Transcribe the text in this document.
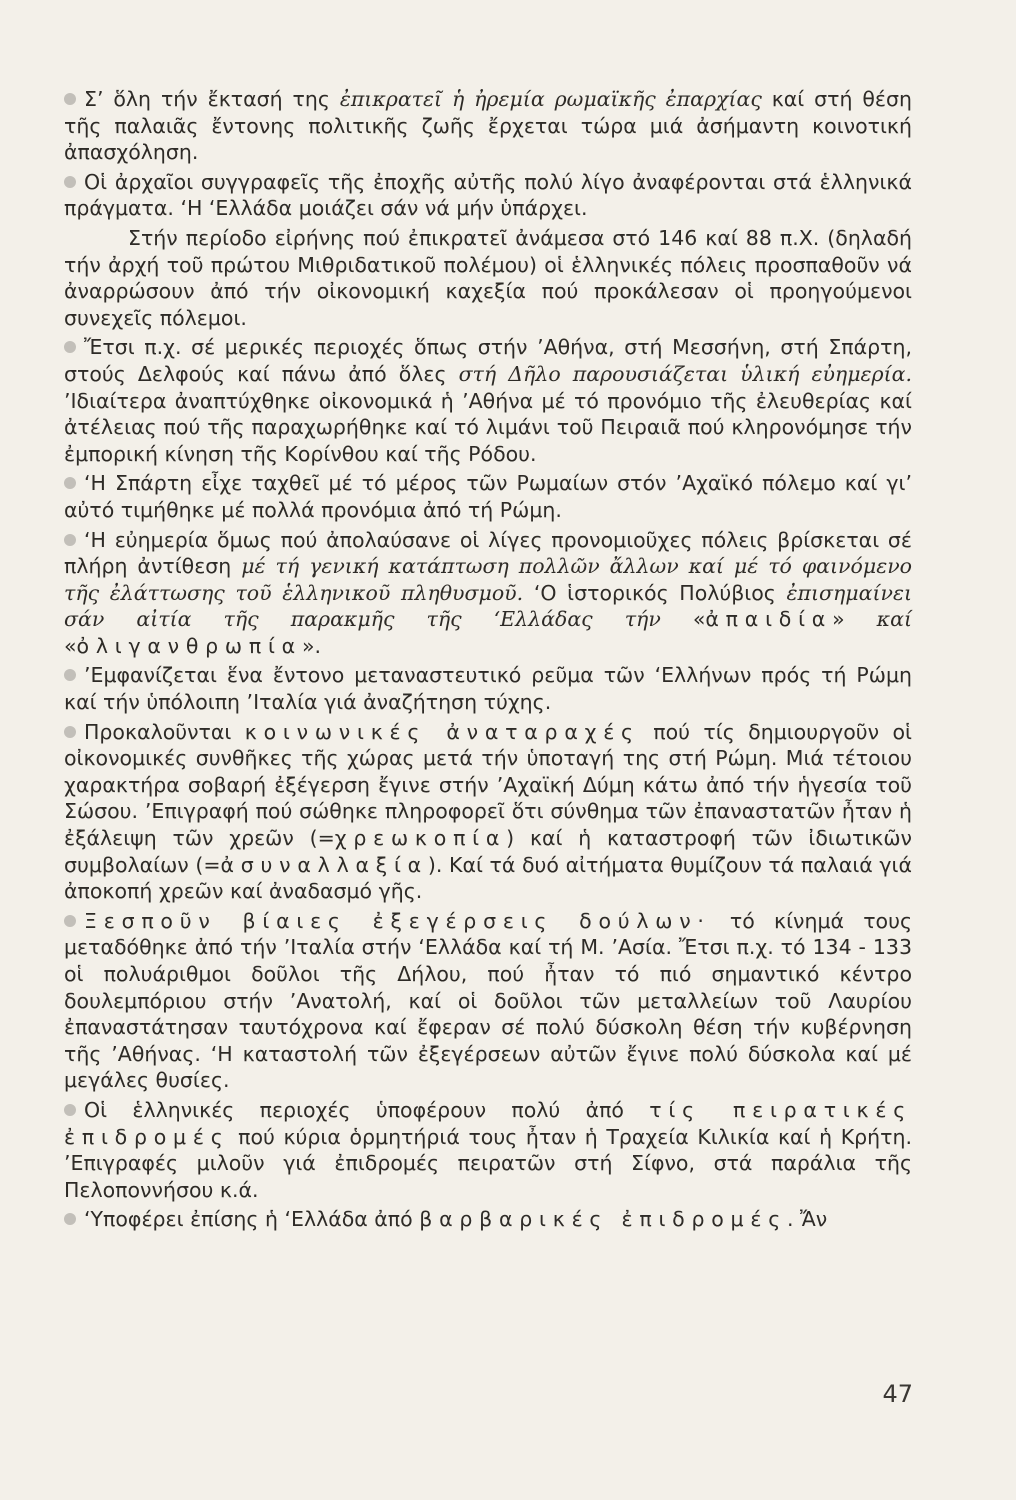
Σ’ ὅλη τήν ἔκτασή της ἐπικρατεῖ ἡ ἠρεμία ρωμαϊκῆς ἐπαρχίας καί στή θέση τῆς παλαιᾶς ἔντονης πολιτικῆς ζωῆς ἔρχεται τώρα μιά ἀσήμαντη κοινοτική ἀπασχόληση.

Οἱ ἀρχαῖοι συγγραφεῖς τῆς ἐποχῆς αὐτῆς πολύ λίγο ἀναφέρονται στά ἑλληνικά πράγματα. ‘Η ‘Ελλάδα μοιάζει σάν νά μήν ὑπάρχει.

Στήν περίοδο εἰρήνης πού ἐπικρατεῖ ἀνάμεσα στό 146 καί 88 π.Χ. (δηλαδή τήν ἀρχή τοῦ πρώτου Μιθριδατικοῦ πολέμου) οἱ ἑλληνικές πόλεις προσπαθοῦν νά ἀναρρώσουν ἀπό τήν οἰκονομική καχεξία πού προκάλεσαν οἱ προηγούμενοι συνεχεῖς πόλεμοι.

Ἔτσι π.χ. σέ μερικές περιοχές ὅπως στήν ’Αθήνα, στή Μεσσήνη, στή Σπάρτη, στούς Δελφούς καί πάνω ἀπό ὅλες στή Δῆλο παρουσιάζεται ὑλική εὐημερία. ’Ιδιαίτερα ἀναπτύχθηκε οἰκονομικά ἡ ’Αθήνα μέ τό προνόμιο τῆς ἐλευθερίας καί ἀτέλειας πού τῆς παραχωρήθηκε καί τό λιμάνι τοῦ Πειραιᾶ πού κληρονόμησε τήν ἐμπορική κίνηση τῆς Κορίνθου καί τῆς Ρόδου.

‘Η Σπάρτη εἶχε ταχθεῖ μέ τό μέρος τῶν Ρωμαίων στόν ’Αχαϊκό πόλεμο καί γι’ αὐτό τιμήθηκε μέ πολλά προνόμια ἀπό τή Ρώμη.

‘Η εὐημερία ὅμως πού ἀπολαύσανε οἱ λίγες προνομιοῦχες πόλεις βρίσκεται σέ πλήρη ἀντίθεση μέ τή γενική κατάπτωση πολλῶν ἄλλων καί μέ τό φαινόμενο τῆς ἐλάττωσης τοῦ ἑλληνικοῦ πληθυσμοῦ. ‘Ο ἱστορικός Πολύβιος ἐπισημαίνει σάν αἰτία τῆς παρακμῆς τῆς ‘Ελλάδας τήν «ἀπαιδία» καί «ὀλιγανθρωπία».

’Εμφανίζεται ἕνα ἔντονο μεταναστευτικό ρεῦμα τῶν ‘Ελλήνων πρός τή Ρώμη καί τήν ὑπόλοιπη ’Ιταλία γιά ἀναζήτηση τύχης.

Προκαλοῦνται κοινωνικές ἀναταραχές πού τίς δημιουργοῦν οἱ οἰκονομικές συνθῆκες τῆς χώρας μετά τήν ὑποταγή της στή Ρώμη. Μιά τέτοιου χαρακτήρα σοβαρή ἐξέγερση ἔγινε στήν ’Αχαϊκή Δύμη κάτω ἀπό τήν ἡγεσία τοῦ Σώσου. ’Επιγραφή πού σώθηκε πληροφορεῖ ὅτι σύνθημα τῶν ἐπαναστατῶν ἦταν ἡ ἐξάλειψη τῶν χρεῶν (=χρεωκοπία) καί ἡ καταστροφή τῶν ἰδιωτικῶν συμβολαίων (=ἀσυναλλαξία). Καί τά δυό αἰτήματα θυμίζουν τά παλαιά γιά ἀποκοπή χρεῶν καί ἀναδασμό γῆς.

Ξεσποῦν βίαιες ἐξεγέρσεις δούλων· τό κίνημά τους μεταδόθηκε ἀπό τήν ’Ιταλία στήν ‘Ελλάδα καί τή Μ. ’Ασία. Ἔτσι π.χ. τό 134 - 133 οἱ πολυάριθμοι δοῦλοι τῆς Δήλου, πού ἦταν τό πιό σημαντικό κέντρο δουλεμπόριου στήν ’Ανατολή, καί οἱ δοῦλοι τῶν μεταλλείων τοῦ Λαυρίου ἐπαναστάτησαν ταυτόχρονα καί ἔφεραν σέ πολύ δύσκολη θέση τήν κυβέρνηση τῆς ’Αθήνας. ‘Η καταστολή τῶν ἐξεγέρσεων αὐτῶν ἔγινε πολύ δύσκολα καί μέ μεγάλες θυσίες.

Οἱ ἑλληνικές περιοχές ὑποφέρουν πολύ ἀπό τίς πειρατικές ἐπιδρομές πού κύρια ὁρμητήριά τους ἦταν ἡ Τραχεία Κιλικία καί ἡ Κρήτη. ’Επιγραφές μιλοῦν γιά ἐπιδρομές πειρατῶν στή Σίφνο, στά παράλια τῆς Πελοποννήσου κ.ά.

‘Υποφέρει ἐπίσης ἡ ‘Ελλάδα ἀπό βαρβαρικές ἐπιδρομές. Ἄν

47
